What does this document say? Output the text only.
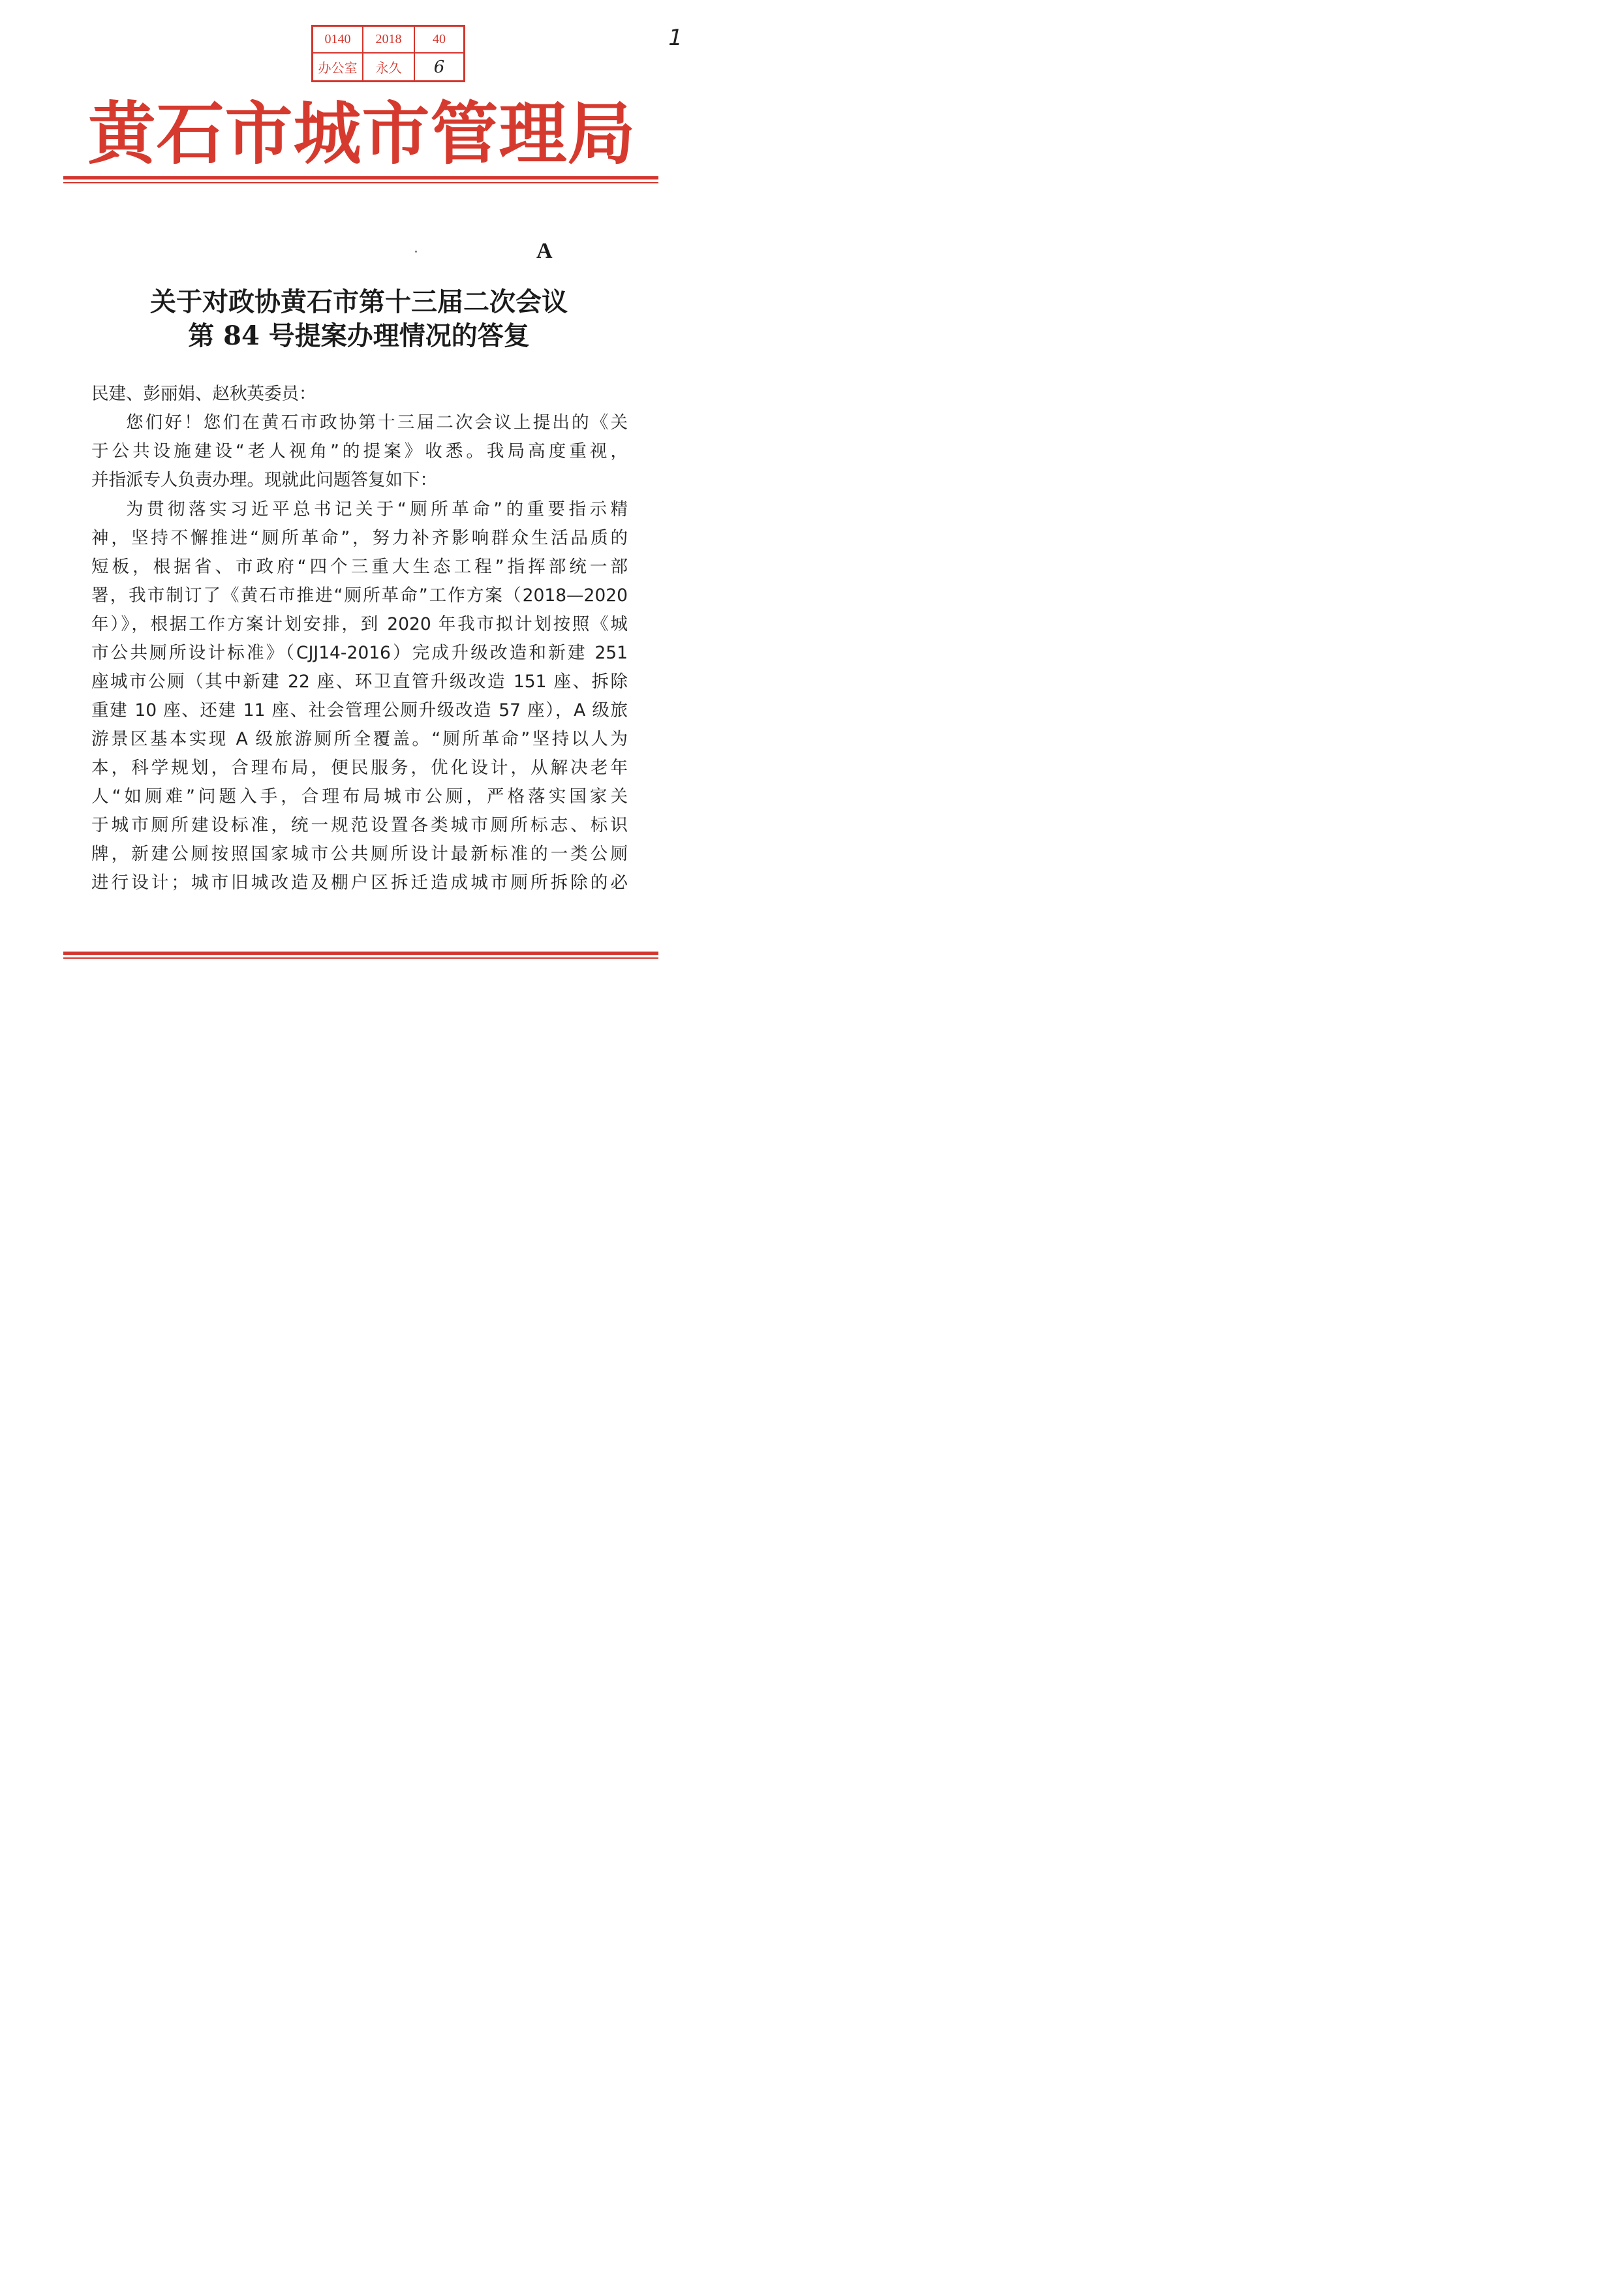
1
0140	2018	40
办公室	永久	6
黄石市城市管理局
A
关于对政协黄石市第十三届二次会议
第 84 号提案办理情况的答复
民建、彭丽娟、赵秋英委员：
您们好！您们在黄石市政协第十三届二次会议上提出的《关
于公共设施建设“老人视角”的提案》收悉。我局高度重视，
并指派专人负责办理。现就此问题答复如下：
为贯彻落实习近平总书记关于“厕所革命”的重要指示精
神，坚持不懈推进“厕所革命”，努力补齐影响群众生活品质的
短板，根据省、市政府“四个三重大生态工程”指挥部统一部
署，我市制订了《黄石市推进“厕所革命”工作方案（2018—2020
年）》，根据工作方案计划安排，到 2020 年我市拟计划按照《城
市公共厕所设计标准》（CJJ14-2016）完成升级改造和新建 251
座城市公厕（其中新建 22 座、环卫直管升级改造 151 座、拆除
重建 10 座、还建 11 座、社会管理公厕升级改造 57 座），A 级旅
游景区基本实现 A 级旅游厕所全覆盖。“厕所革命”坚持以人为
本，科学规划，合理布局，便民服务，优化设计，从解决老年
人“如厕难”问题入手，合理布局城市公厕，严格落实国家关
于城市厕所建设标准，统一规范设置各类城市厕所标志、标识
牌，新建公厕按照国家城市公共厕所设计最新标准的一类公厕
进行设计；城市旧城改造及棚户区拆迁造成城市厕所拆除的必
